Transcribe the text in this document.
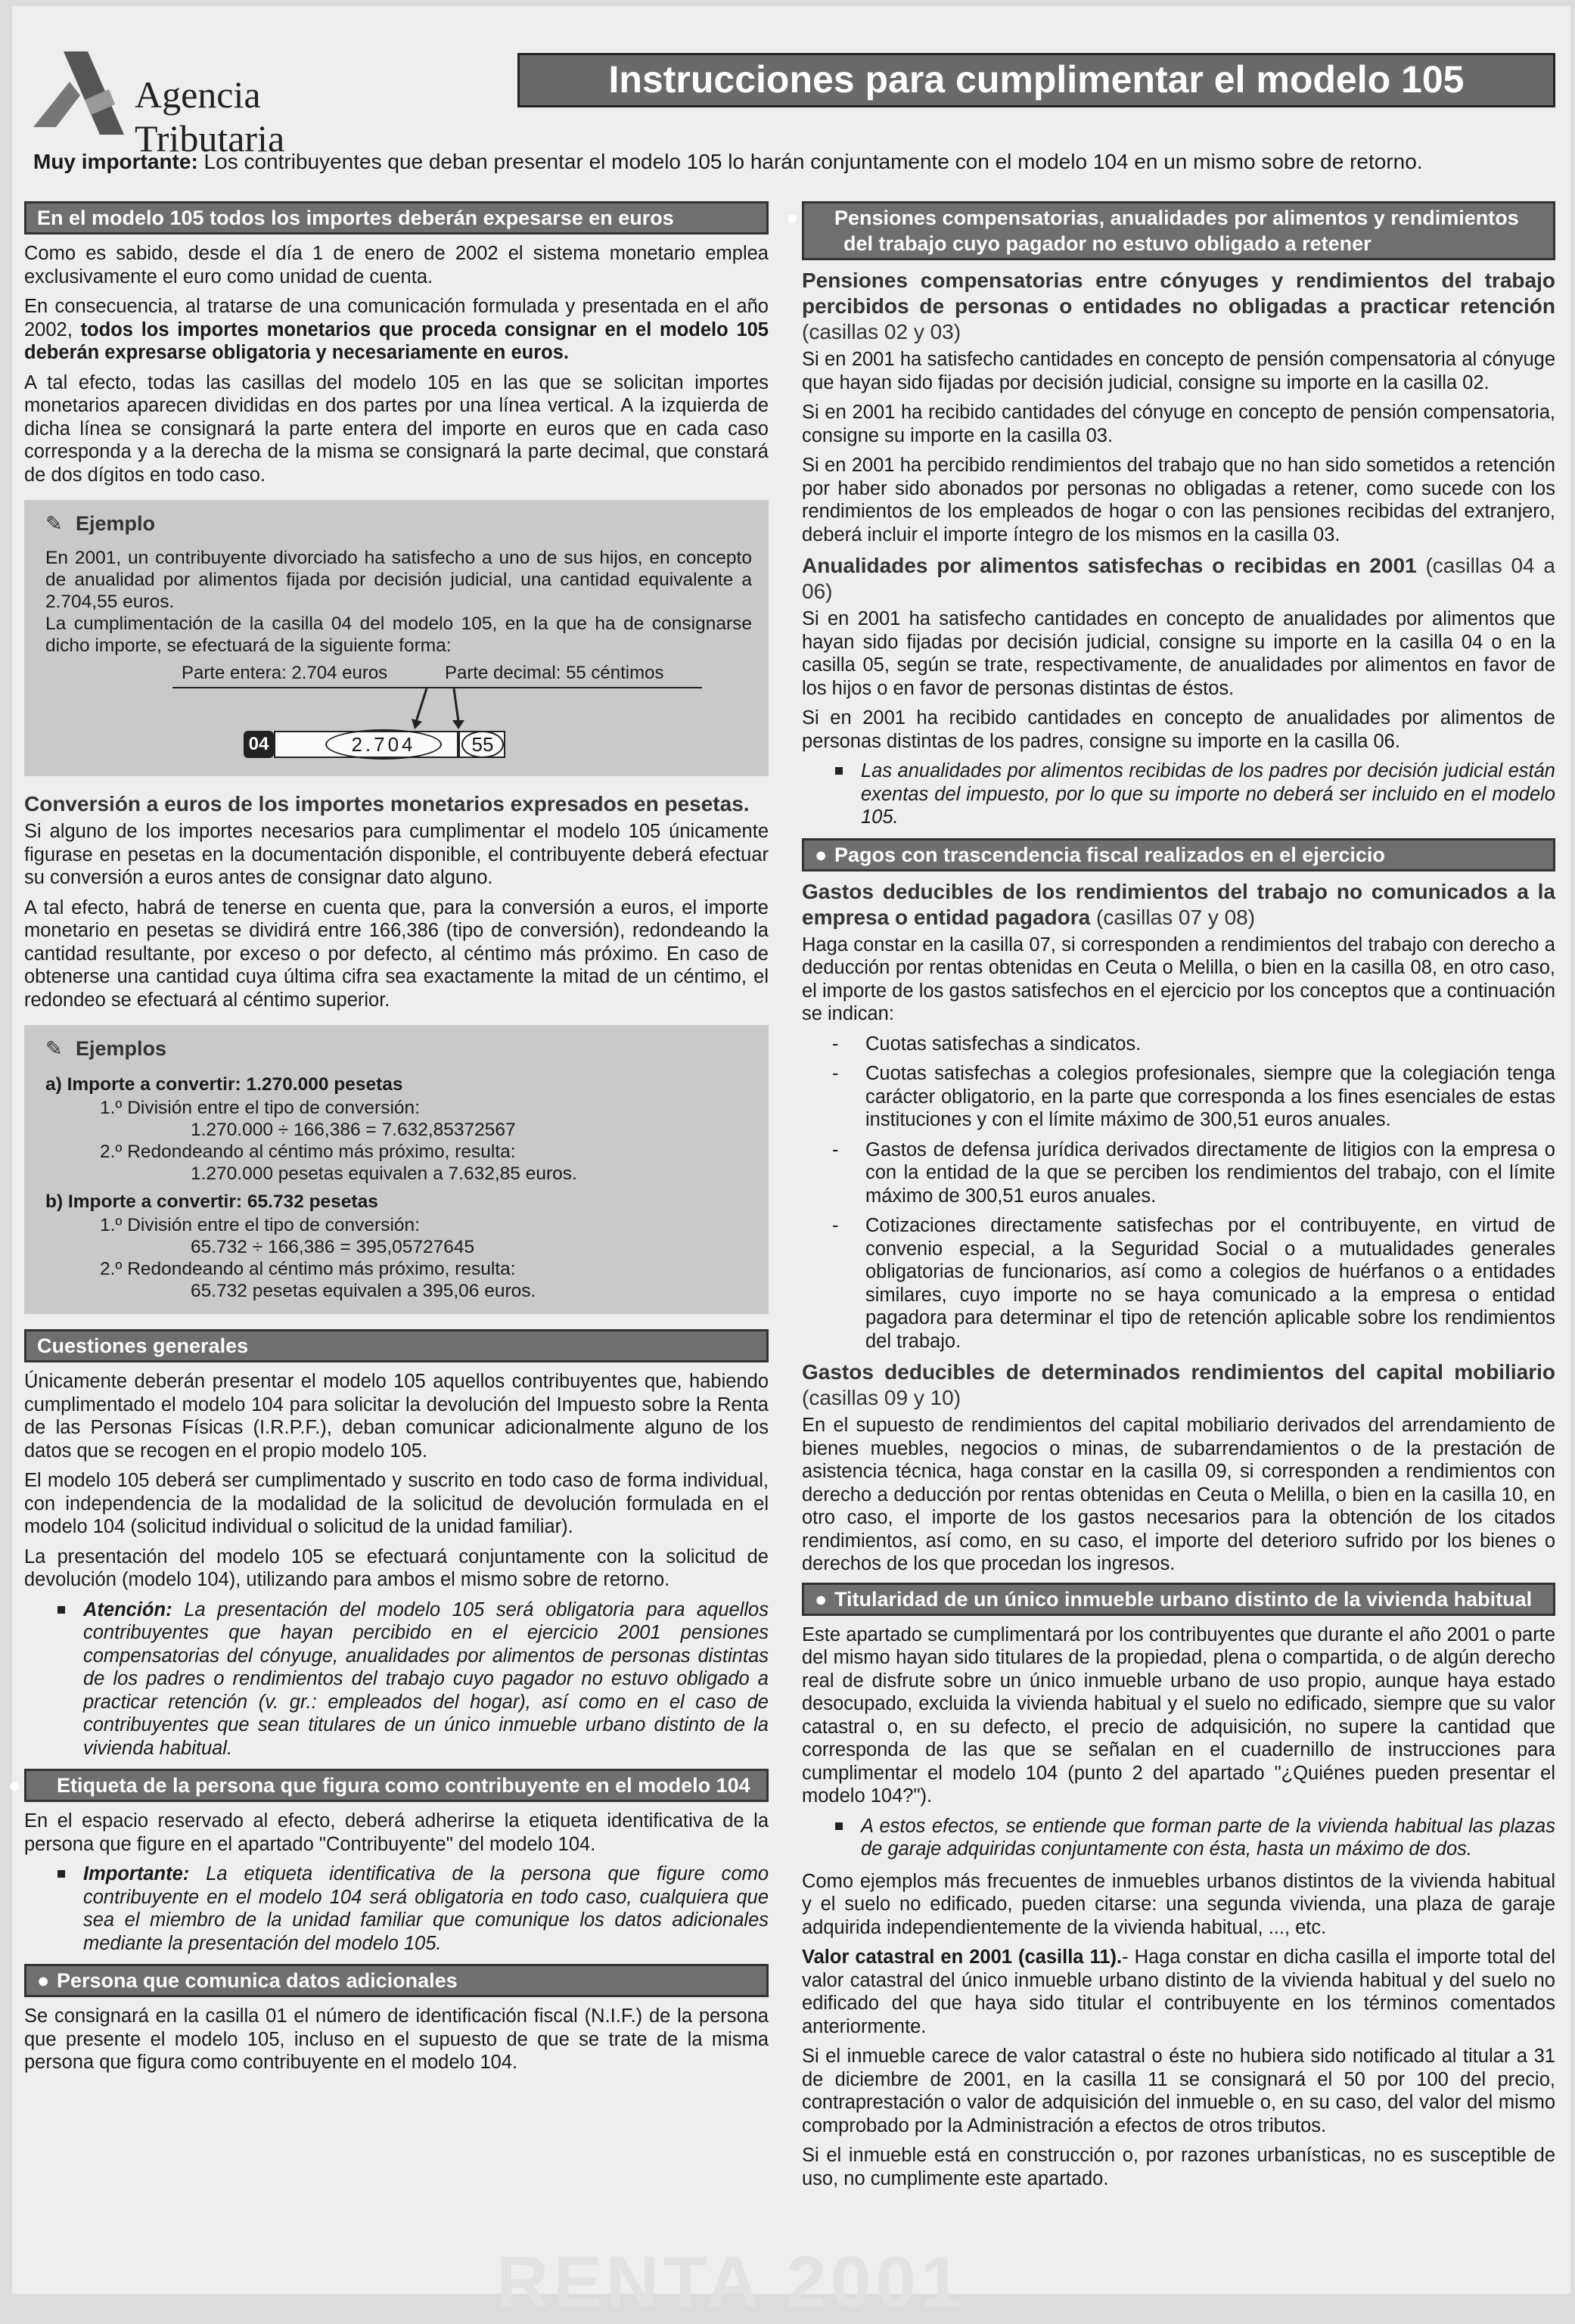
Agencia Tributaria
Instrucciones para cumplimentar el modelo 105
Muy importante: Los contribuyentes que deban presentar el modelo 105 lo harán conjuntamente con el modelo 104 en un mismo sobre de retorno.
En el modelo 105 todos los importes deberán expesarse en euros

Como es sabido, desde el día 1 de enero de 2002 el sistema monetario emplea exclusivamente el euro como unidad de cuenta.

En consecuencia, al tratarse de una comunicación formulada y presentada en el año 2002, todos los importes monetarios que proceda consignar en el modelo 105 deberán expresarse obligatoria y necesariamente en euros.

A tal efecto, todas las casillas del modelo 105 en las que se solicitan importes monetarios aparecen divididas en dos partes por una línea vertical. A la izquierda de dicha línea se consignará la parte entera del importe en euros que en cada caso corresponda y a la derecha de la misma se consignará la parte decimal, que constará de dos dígitos en todo caso.

✎ Ejemplo
En 2001, un contribuyente divorciado ha satisfecho a uno de sus hijos, en concepto de anualidad por alimentos fijada por decisión judicial, una cantidad equivalente a 2.704,55 euros.
La cumplimentación de la casilla 04 del modelo 105, en la que ha de consignarse dicho importe, se efectuará de la siguiente forma:
Parte entera: 2.704 euros	Parte decimal: 55 céntimos
04	2.704	55
Conversión a euros de los importes monetarios expresados en pesetas.

Si alguno de los importes necesarios para cumplimentar el modelo 105 únicamente figurase en pesetas en la documentación disponible, el contribuyente deberá efectuar su conversión a euros antes de consignar dato alguno.

A tal efecto, habrá de tenerse en cuenta que, para la conversión a euros, el importe monetario en pesetas se dividirá entre 166,386 (tipo de conversión), redondeando la cantidad resultante, por exceso o por defecto, al céntimo más próximo. En caso de obtenerse una cantidad cuya última cifra sea exactamente la mitad de un céntimo, el redondeo se efectuará al céntimo superior.

✎ Ejemplos
a) Importe a convertir: 1.270.000 pesetas
1.º División entre el tipo de conversión:
1.270.000 ÷ 166,386 = 7.632,85372567
2.º Redondeando al céntimo más próximo, resulta:
1.270.000 pesetas equivalen a 7.632,85 euros.
b) Importe a convertir: 65.732 pesetas
1.º División entre el tipo de conversión:
65.732 ÷ 166,386 = 395,05727645
2.º Redondeando al céntimo más próximo, resulta:
65.732 pesetas equivalen a 395,06 euros.
Cuestiones generales

Únicamente deberán presentar el modelo 105 aquellos contribuyentes que, habiendo cumplimentado el modelo 104 para solicitar la devolución del Impuesto sobre la Renta de las Personas Físicas (I.R.P.F.), deban comunicar adicionalmente alguno de los datos que se recogen en el propio modelo 105.

El modelo 105 deberá ser cumplimentado y suscrito en todo caso de forma individual, con independencia de la modalidad de la solicitud de devolución formulada en el modelo 104 (solicitud individual o solicitud de la unidad familiar).

La presentación del modelo 105 se efectuará conjuntamente con la solicitud de devolución (modelo 104), utilizando para ambos el mismo sobre de retorno.

Atención: La presentación del modelo 105 será obligatoria para aquellos contribuyentes que hayan percibido en el ejercicio 2001 pensiones compensatorias del cónyuge, anualidades por alimentos de personas distintas de los padres o rendimientos del trabajo cuyo pagador no estuvo obligado a practicar retención (v. gr.: empleados del hogar), así como en el caso de contribuyentes que sean titulares de un único inmueble urbano distinto de la vivienda habitual.
● Etiqueta de la persona que figura como contribuyente en el modelo 104

En el espacio reservado al efecto, deberá adherirse la etiqueta identificativa de la persona que figure en el apartado "Contribuyente" del modelo 104.

Importante: La etiqueta identificativa de la persona que figure como contribuyente en el modelo 104 será obligatoria en todo caso, cualquiera que sea el miembro de la unidad familiar que comunique los datos adicionales mediante la presentación del modelo 105.
● Persona que comunica datos adicionales

Se consignará en la casilla 01 el número de identificación fiscal (N.I.F.) de la persona que presente el modelo 105, incluso en el supuesto de que se trate de la misma persona que figura como contribuyente en el modelo 104.

● Pensiones compensatorias, anualidades por alimentos y rendimientos del trabajo cuyo pagador no estuvo obligado a retener
Pensiones compensatorias entre cónyuges y rendimientos del trabajo percibidos de personas o entidades no obligadas a practicar retención (casillas 02 y 03)

Si en 2001 ha satisfecho cantidades en concepto de pensión compensatoria al cónyuge que hayan sido fijadas por decisión judicial, consigne su importe en la casilla 02.

Si en 2001 ha recibido cantidades del cónyuge en concepto de pensión compensatoria, consigne su importe en la casilla 03.

Si en 2001 ha percibido rendimientos del trabajo que no han sido sometidos a retención por haber sido abonados por personas no obligadas a retener, como sucede con los rendimientos de los empleados de hogar o con las pensiones recibidas del extranjero, deberá incluir el importe íntegro de los mismos en la casilla 03.

Anualidades por alimentos satisfechas o recibidas en 2001 (casillas 04 a 06)

Si en 2001 ha satisfecho cantidades en concepto de anualidades por alimentos que hayan sido fijadas por decisión judicial, consigne su importe en la casilla 04 o en la casilla 05, según se trate, respectivamente, de anualidades por alimentos en favor de los hijos o en favor de personas distintas de éstos.

Si en 2001 ha recibido cantidades en concepto de anualidades por alimentos de personas distintas de los padres, consigne su importe en la casilla 06.

Las anualidades por alimentos recibidas de los padres por decisión judicial están exentas del impuesto, por lo que su importe no deberá ser incluido en el modelo 105.
● Pagos con trascendencia fiscal realizados en el ejercicio
Gastos deducibles de los rendimientos del trabajo no comunicados a la empresa o entidad pagadora (casillas 07 y 08)

Haga constar en la casilla 07, si corresponden a rendimientos del trabajo con derecho a deducción por rentas obtenidas en Ceuta o Melilla, o bien en la casilla 08, en otro caso, el importe de los gastos satisfechos en el ejercicio por los conceptos que a continuación se indican:

- Cuotas satisfechas a sindicatos.
- Cuotas satisfechas a colegios profesionales, siempre que la colegiación tenga carácter obligatorio, en la parte que corresponda a los fines esenciales de estas instituciones y con el límite máximo de 300,51 euros anuales.
- Gastos de defensa jurídica derivados directamente de litigios con la empresa o con la entidad de la que se perciben los rendimientos del trabajo, con el límite máximo de 300,51 euros anuales.
- Cotizaciones directamente satisfechas por el contribuyente, en virtud de convenio especial, a la Seguridad Social o a mutualidades generales obligatorias de funcionarios, así como a colegios de huérfanos o a entidades similares, cuyo importe no se haya comunicado a la empresa o entidad pagadora para determinar el tipo de retención aplicable sobre los rendimientos del trabajo.
Gastos deducibles de determinados rendimientos del capital mobiliario (casillas 09 y 10)

En el supuesto de rendimientos del capital mobiliario derivados del arrendamiento de bienes muebles, negocios o minas, de subarrendamientos o de la prestación de asistencia técnica, haga constar en la casilla 09, si corresponden a rendimientos con derecho a deducción por rentas obtenidas en Ceuta o Melilla, o bien en la casilla 10, en otro caso, el importe de los gastos necesarios para la obtención de los citados rendimientos, así como, en su caso, el importe del deterioro sufrido por los bienes o derechos de los que procedan los ingresos.

● Titularidad de un único inmueble urbano distinto de la vivienda habitual

Este apartado se cumplimentará por los contribuyentes que durante el año 2001 o parte del mismo hayan sido titulares de la propiedad, plena o compartida, o de algún derecho real de disfrute sobre un único inmueble urbano de uso propio, aunque haya estado desocupado, excluida la vivienda habitual y el suelo no edificado, siempre que su valor catastral o, en su defecto, el precio de adquisición, no supere la cantidad que corresponda de las que se señalan en el cuadernillo de instrucciones para cumplimentar el modelo 104 (punto 2 del apartado "¿Quiénes pueden presentar el modelo 104?").

A estos efectos, se entiende que forman parte de la vivienda habitual las plazas de garaje adquiridas conjuntamente con ésta, hasta un máximo de dos.

Como ejemplos más frecuentes de inmuebles urbanos distintos de la vivienda habitual y el suelo no edificado, pueden citarse: una segunda vivienda, una plaza de garaje adquirida independientemente de la vivienda habitual, ..., etc.

Valor catastral en 2001 (casilla 11).- Haga constar en dicha casilla el importe total del valor catastral del único inmueble urbano distinto de la vivienda habitual y del suelo no edificado del que haya sido titular el contribuyente en los términos comentados anteriormente.

Si el inmueble carece de valor catastral o éste no hubiera sido notificado al titular a 31 de diciembre de 2001, en la casilla 11 se consignará el 50 por 100 del precio, contraprestación o valor de adquisición del inmueble o, en su caso, del valor del mismo comprobado por la Administración a efectos de otros tributos.

Si el inmueble está en construcción o, por razones urbanísticas, no es susceptible de uso, no cumplimente este apartado.

RENTA 2001
